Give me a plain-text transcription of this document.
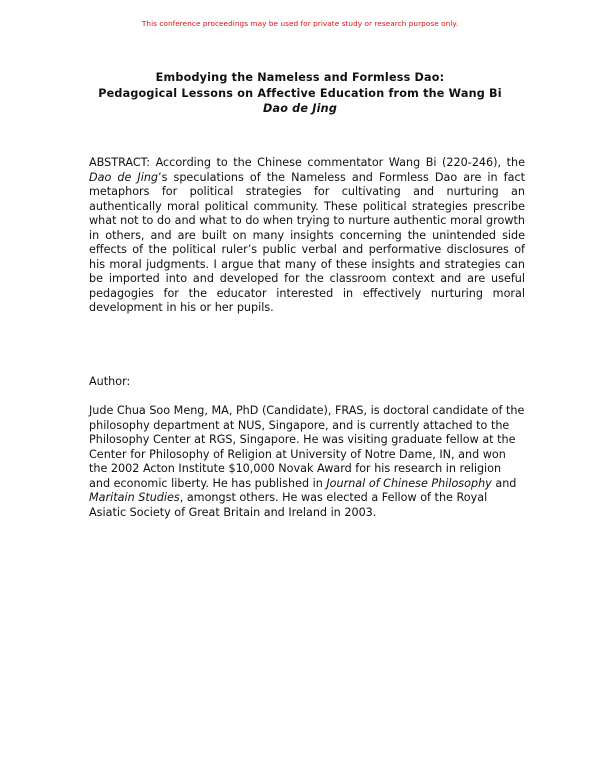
This conference proceedings may be used for private study or research purpose only.
Embodying the Nameless and Formless Dao:
Pedagogical Lessons on Affective Education from the Wang Bi
Dao de Jing
ABSTRACT: According to the Chinese commentator Wang Bi (220-246), the Dao de Jing’s speculations of the Nameless and Formless Dao are in fact metaphors for political strategies for cultivating and nurturing an authentically moral political community. These political strategies prescribe what not to do and what to do when trying to nurture authentic moral growth in others, and are built on many insights concerning the unintended side effects of the political ruler’s public verbal and performative disclosures of his moral judgments. I argue that many of these insights and strategies can be imported into and developed for the classroom context and are useful pedagogies for the educator interested in effectively nurturing moral development in his or her pupils.
Author:
Jude Chua Soo Meng, MA, PhD (Candidate), FRAS, is doctoral candidate of the philosophy department at NUS, Singapore, and is currently attached to the Philosophy Center at RGS, Singapore. He was visiting graduate fellow at the Center for Philosophy of Religion at University of Notre Dame, IN, and won the 2002 Acton Institute $10,000 Novak Award for his research in religion and economic liberty. He has published in Journal of Chinese Philosophy and Maritain Studies, amongst others. He was elected a Fellow of the Royal Asiatic Society of Great Britain and Ireland in 2003.
